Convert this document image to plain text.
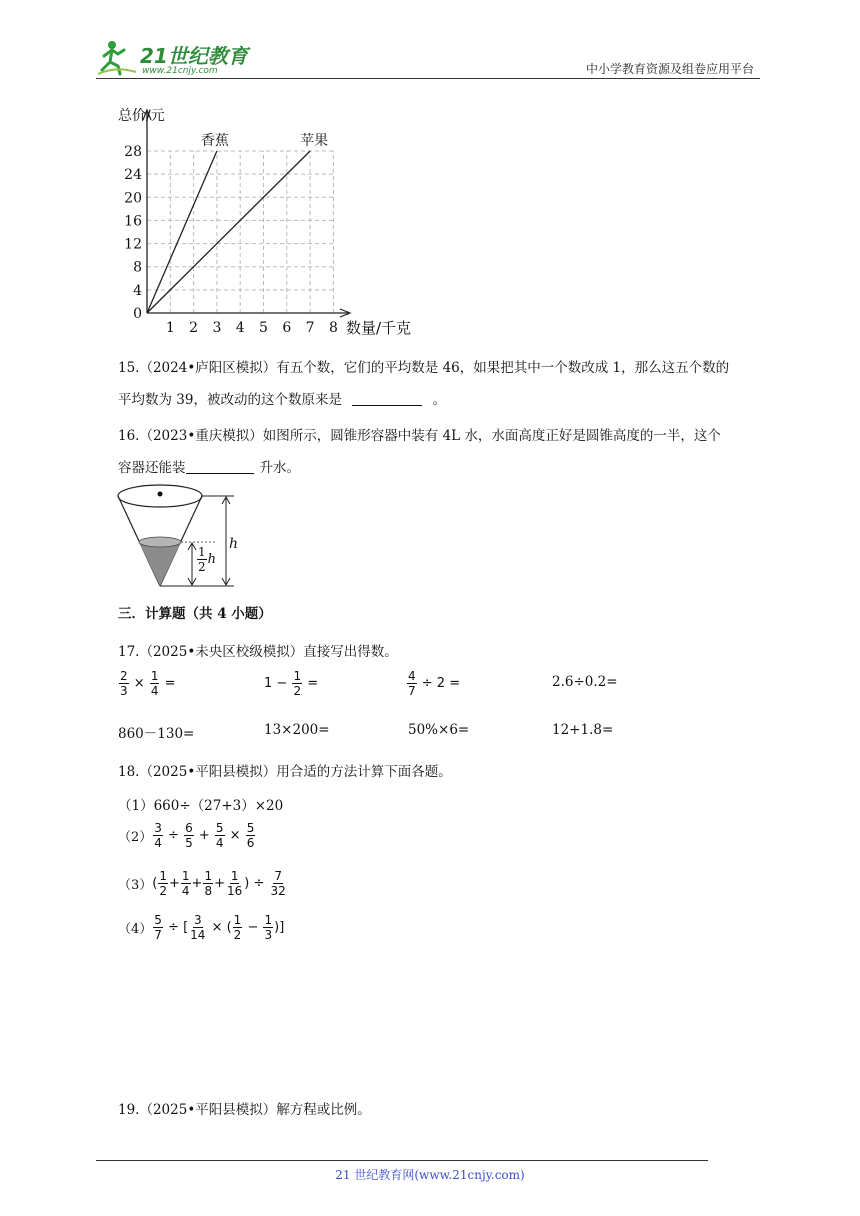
21世纪教育
www.21cnjy.com	中小学教育资源及组卷应用平台
0
4
8
12
16
20
24
28
1 2 3 4 5 6 7 8
总价/元
数量/千克
香蕉	苹果
15.（2024•庐阳区模拟）有五个数，它们的平均数是 46，如果把其中一个数改成 1，那么这五个数的
平均数为 39，被改动的这个数原来是	。
16.（2023•重庆模拟）如图所示，圆锥形容器中装有 4L 水，水面高度正好是圆锥高度的一半，这个
容器还能装	升水。
h
$\frac{1}{2}$ h
三．计算题（共 4 小题）
17.（2025•未央区校级模拟）直接写出得数。
$\frac{2}{3} \times \frac{1}{4}$ =	$1 - \frac{1}{2}$ =	$\frac{4}{7} \div 2$ =	2.6÷0.2=
860－130=	13×200=	50%×6=	12+1.8=
18.（2025•平阳县模拟）用合适的方法计算下面各题。
（1）660÷（27+3）×20
$(2) \frac{3}{4} \div \frac{6}{5} + \frac{5}{4} \times \frac{5}{6}$
（3） ( $\frac{1}{2} + \frac{1}{4} + \frac{1}{8} + \frac{1}{16}$ ) ÷ $\frac{7}{32}$
$(4) \frac{5}{7}$ ÷ [ $\frac{3}{14}$ × ( $\frac{1}{2} - \frac{1}{3}$ )]
19.（2025•平阳县模拟）解方程或比例。
21 世纪教育网(www.21cnjy.com)
